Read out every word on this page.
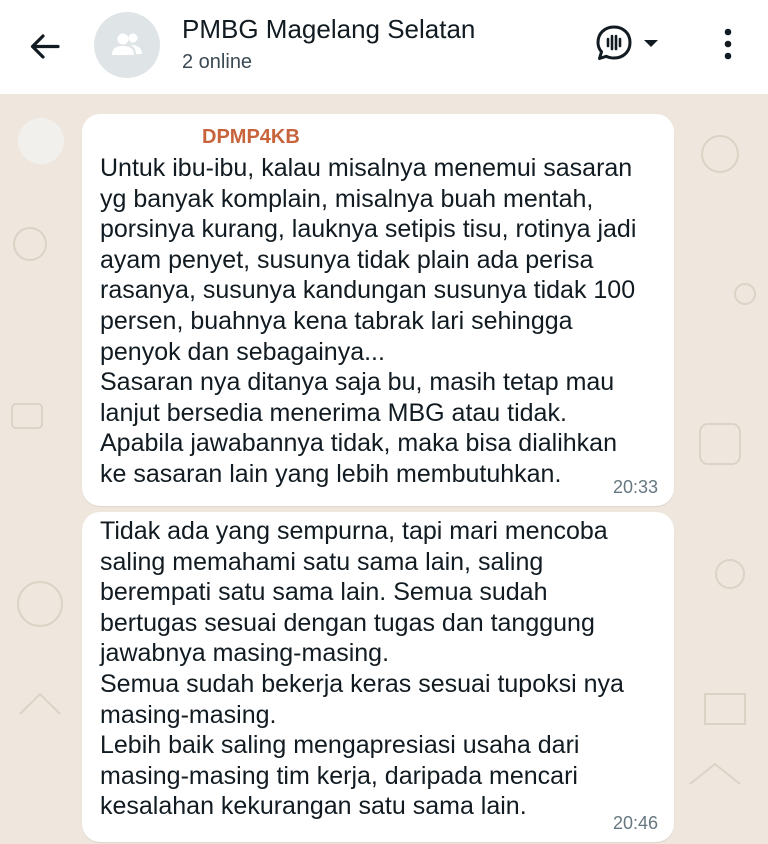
PMBG Magelang Selatan
2 online
DPMP4KB
Untuk ibu-ibu, kalau misalnya menemui sasaran
yg banyak komplain, misalnya buah mentah,
porsinya kurang, lauknya setipis tisu, rotinya jadi
ayam penyet, susunya tidak plain ada perisa
rasanya, susunya kandungan susunya tidak 100
persen, buahnya kena tabrak lari sehingga
penyok dan sebagainya...
Sasaran nya ditanya saja bu, masih tetap mau
lanjut bersedia menerima MBG atau tidak.
Apabila jawabannya tidak, maka bisa dialihkan
ke sasaran lain yang lebih membutuhkan.	20:33
Tidak ada yang sempurna, tapi mari mencoba
saling memahami satu sama lain, saling
berempati satu sama lain. Semua sudah
bertugas sesuai dengan tugas dan tanggung
jawabnya masing-masing.
Semua sudah bekerja keras sesuai tupoksi nya
masing-masing.
Lebih baik saling mengapresiasi usaha dari
masing-masing tim kerja, daripada mencari
kesalahan kekurangan satu sama lain.
20:46
